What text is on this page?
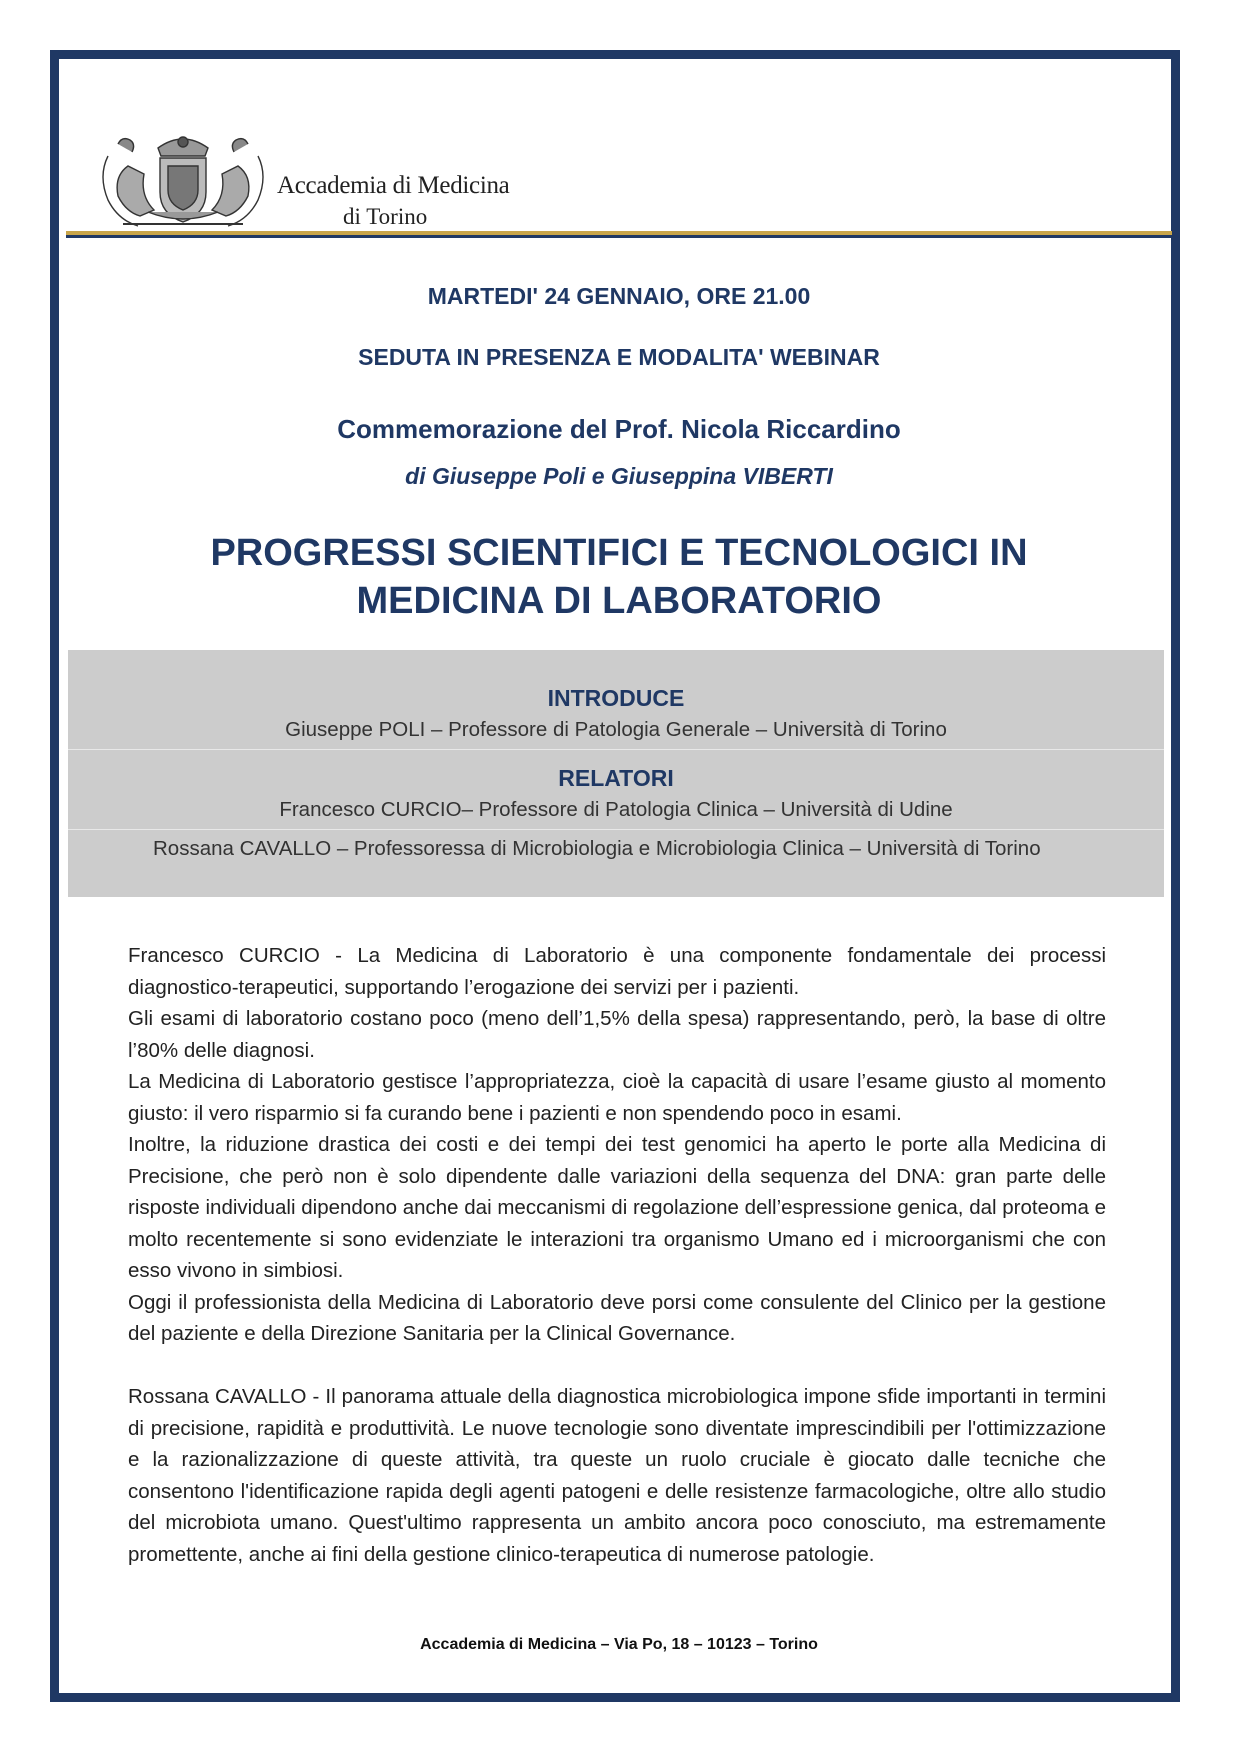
Accademia di Medicina
di Torino
MARTEDI' 24 GENNAIO, ORE 21.00
SEDUTA IN PRESENZA E MODALITA' WEBINAR
Commemorazione del Prof. Nicola Riccardino
di Giuseppe Poli e Giuseppina VIBERTI
PROGRESSI SCIENTIFICI E TECNOLOGICI IN
MEDICINA DI LABORATORIO
INTRODUCE
Giuseppe POLI – Professore di Patologia Generale – Università di Torino
RELATORI
Francesco CURCIO– Professore di Patologia Clinica – Università di Udine
Rossana CAVALLO – Professoressa di Microbiologia e Microbiologia Clinica – Università di Torino

Francesco CURCIO - La Medicina di Laboratorio è una componente fondamentale dei processi diagnostico-terapeutici, supportando l’erogazione dei servizi per i pazienti.

Gli esami di laboratorio costano poco (meno dell’1,5% della spesa) rappresentando, però, la base di oltre l’80% delle diagnosi.

La Medicina di Laboratorio gestisce l’appropriatezza, cioè la capacità di usare l’esame giusto al momento giusto: il vero risparmio si fa curando bene i pazienti e non spendendo poco in esami.

Inoltre, la riduzione drastica dei costi e dei tempi dei test genomici ha aperto le porte alla Medicina di Precisione, che però non è solo dipendente dalle variazioni della sequenza del DNA: gran parte delle risposte individuali dipendono anche dai meccanismi di regolazione dell’espressione genica, dal proteoma e molto recentemente si sono evidenziate le interazioni tra organismo Umano ed i microorganismi che con esso vivono in simbiosi.

Oggi il professionista della Medicina di Laboratorio deve porsi come consulente del Clinico per la gestione del paziente e della Direzione Sanitaria per la Clinical Governance.

Rossana CAVALLO - Il panorama attuale della diagnostica microbiologica impone sfide importanti in termini di precisione, rapidità e produttività. Le nuove tecnologie sono diventate imprescindibili per l'ottimizzazione e la razionalizzazione di queste attività, tra queste un ruolo cruciale è giocato dalle tecniche che consentono l'identificazione rapida degli agenti patogeni e delle resistenze farmacologiche, oltre allo studio del microbiota umano. Quest'ultimo rappresenta un ambito ancora poco conosciuto, ma estremamente promettente, anche ai fini della gestione clinico-terapeutica di numerose patologie.

Accademia di Medicina – Via Po, 18 – 10123 – Torino
